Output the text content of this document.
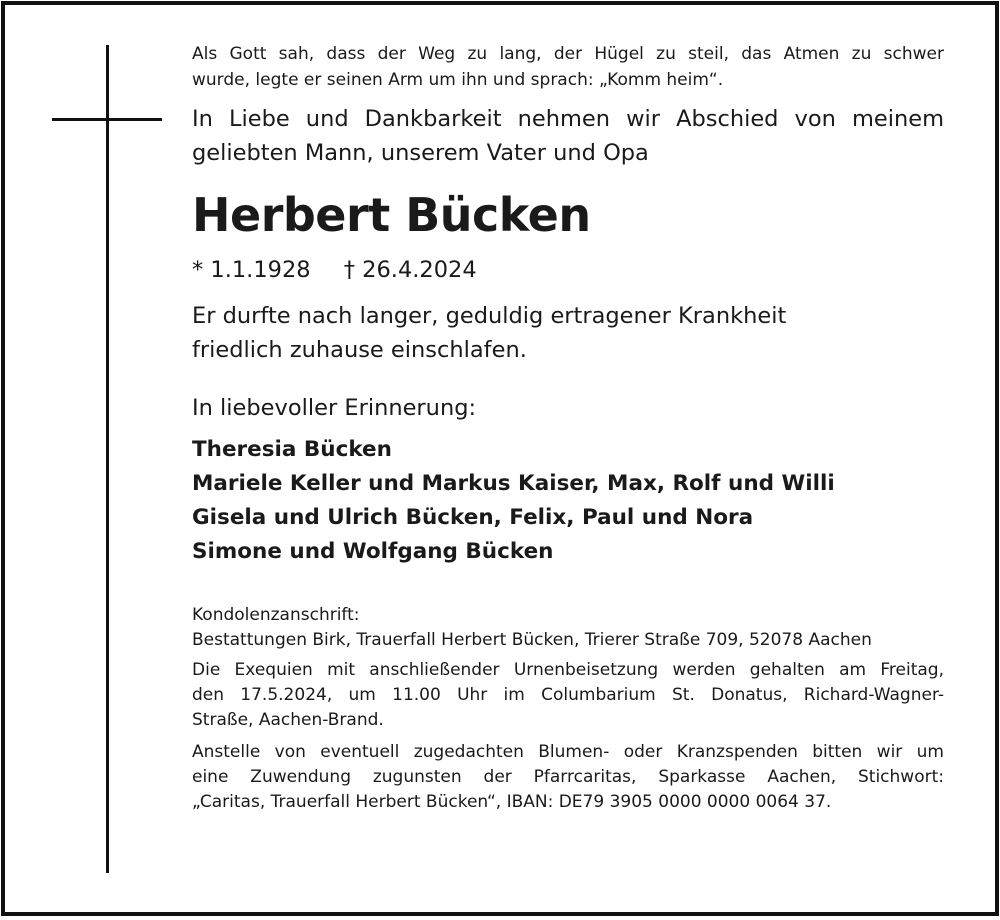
Als Gott sah, dass der Weg zu lang, der Hügel zu steil, das Atmen zu schwer
wurde, legte er seinen Arm um ihn und sprach: „Komm heim“.
In Liebe und Dankbarkeit nehmen wir Abschied von meinem
geliebten Mann, unserem Vater und Opa
Herbert Bücken
* 1.1.1928 † 26.4.2024
Er durfte nach langer, geduldig ertragener Krankheit
friedlich zuhause einschlafen.
In liebevoller Erinnerung:
Theresia Bücken
Mariele Keller und Markus Kaiser, Max, Rolf und Willi
Gisela und Ulrich Bücken, Felix, Paul und Nora
Simone und Wolfgang Bücken
Kondolenzanschrift:
Bestattungen Birk, Trauerfall Herbert Bücken, Trierer Straße 709, 52078 Aachen
Die Exequien mit anschließender Urnenbeisetzung werden gehalten am Freitag,
den 17.5.2024, um 11.00 Uhr im Columbarium St. Donatus, Richard-Wagner-
Straße, Aachen-Brand.
Anstelle von eventuell zugedachten Blumen- oder Kranzspenden bitten wir um
eine Zuwendung zugunsten der Pfarrcaritas, Sparkasse Aachen, Stichwort:
„Caritas, Trauerfall Herbert Bücken“, IBAN: DE79 3905 0000 0000 0064 37.
